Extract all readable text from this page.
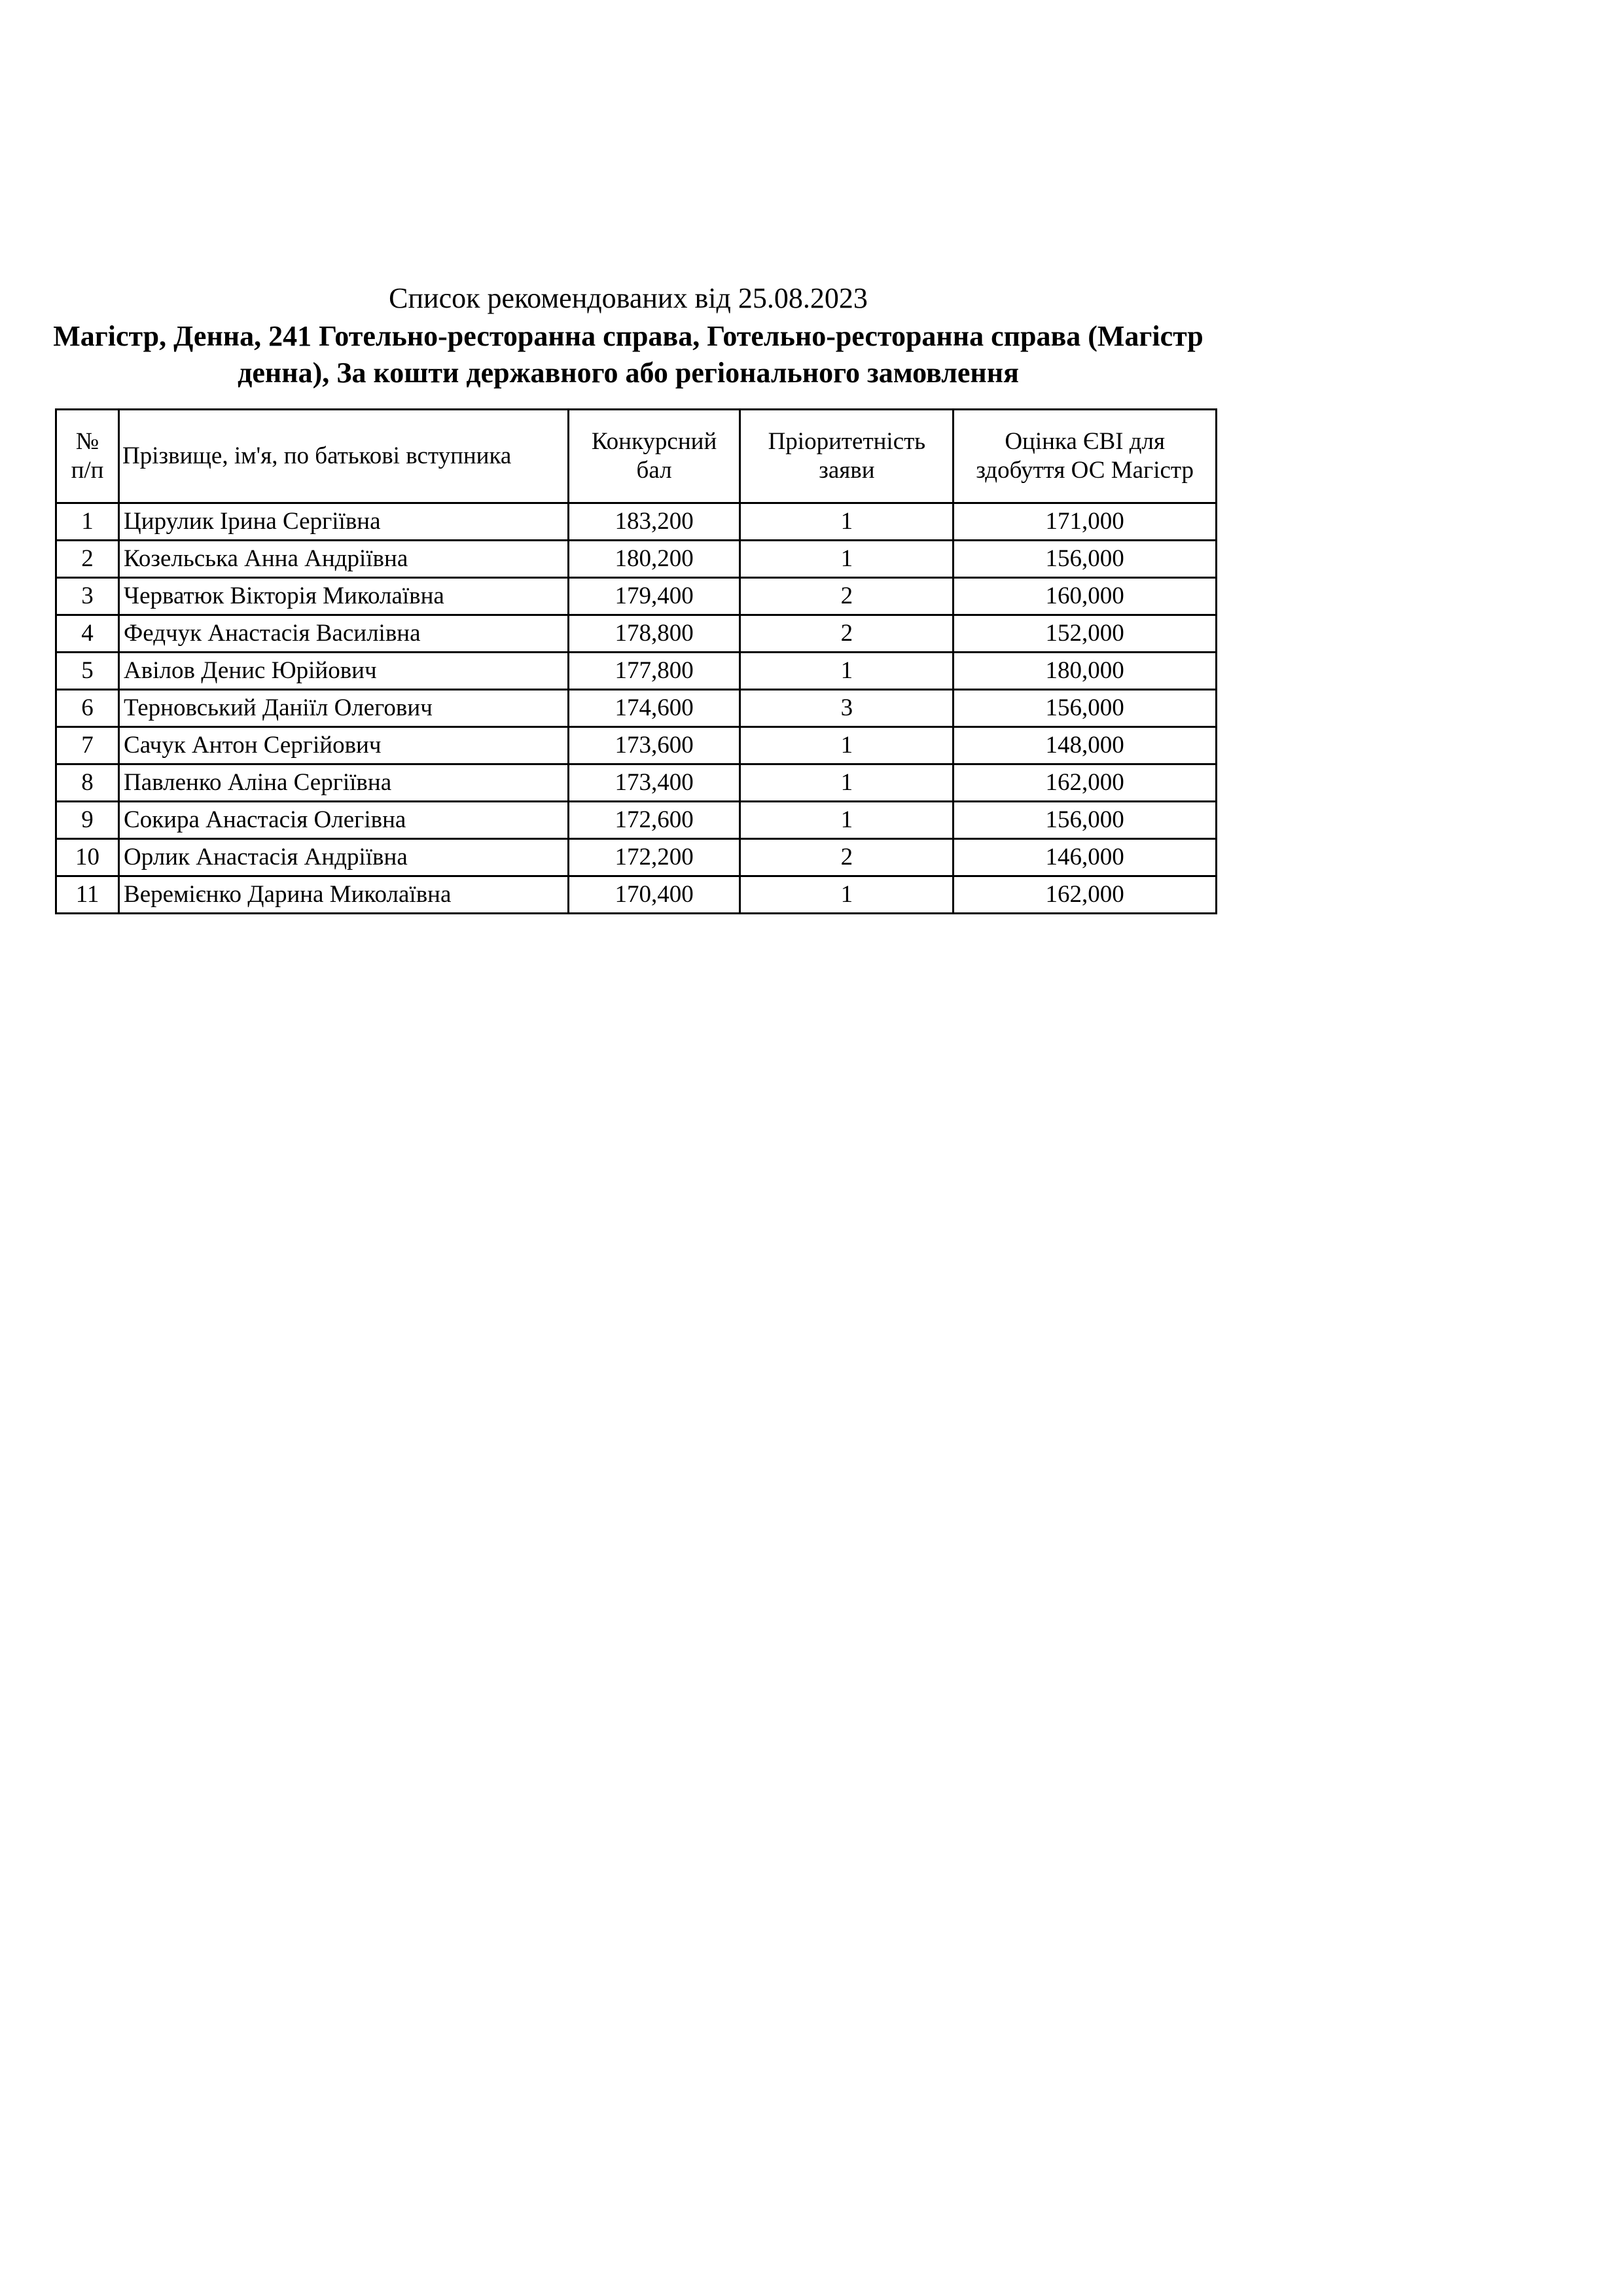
Список рекомендованих від 25.08.2023
Магістр, Денна, 241 Готельно-ресторанна справа, Готельно-ресторанна справа (Магістр денна), За кошти державного або регіонального замовлення
№
п/п	Прізвище, ім'я, по батькові вступника	Конкурсний бал	Пріоритетність заяви	Оцінка ЄВІ для здобуття ОС Магістр
1	Цирулик Ірина Сергіївна	183,200	1	171,000
2	Козельська Анна Андріївна	180,200	1	156,000
3	Черватюк Вікторія Миколаївна	179,400	2	160,000
4	Федчук Анастасія Василівна	178,800	2	152,000
5	Авілов Денис Юрійович	177,800	1	180,000
6	Терновський Даніїл Олегович	174,600	3	156,000
7	Сачук Антон Сергійович	173,600	1	148,000
8	Павленко Аліна Сергіївна	173,400	1	162,000
9	Сокира Анастасія Олегівна	172,600	1	156,000
10	Орлик Анастасія Андріївна	172,200	2	146,000
11	Веремієнко Дарина Миколаївна	170,400	1	162,000
